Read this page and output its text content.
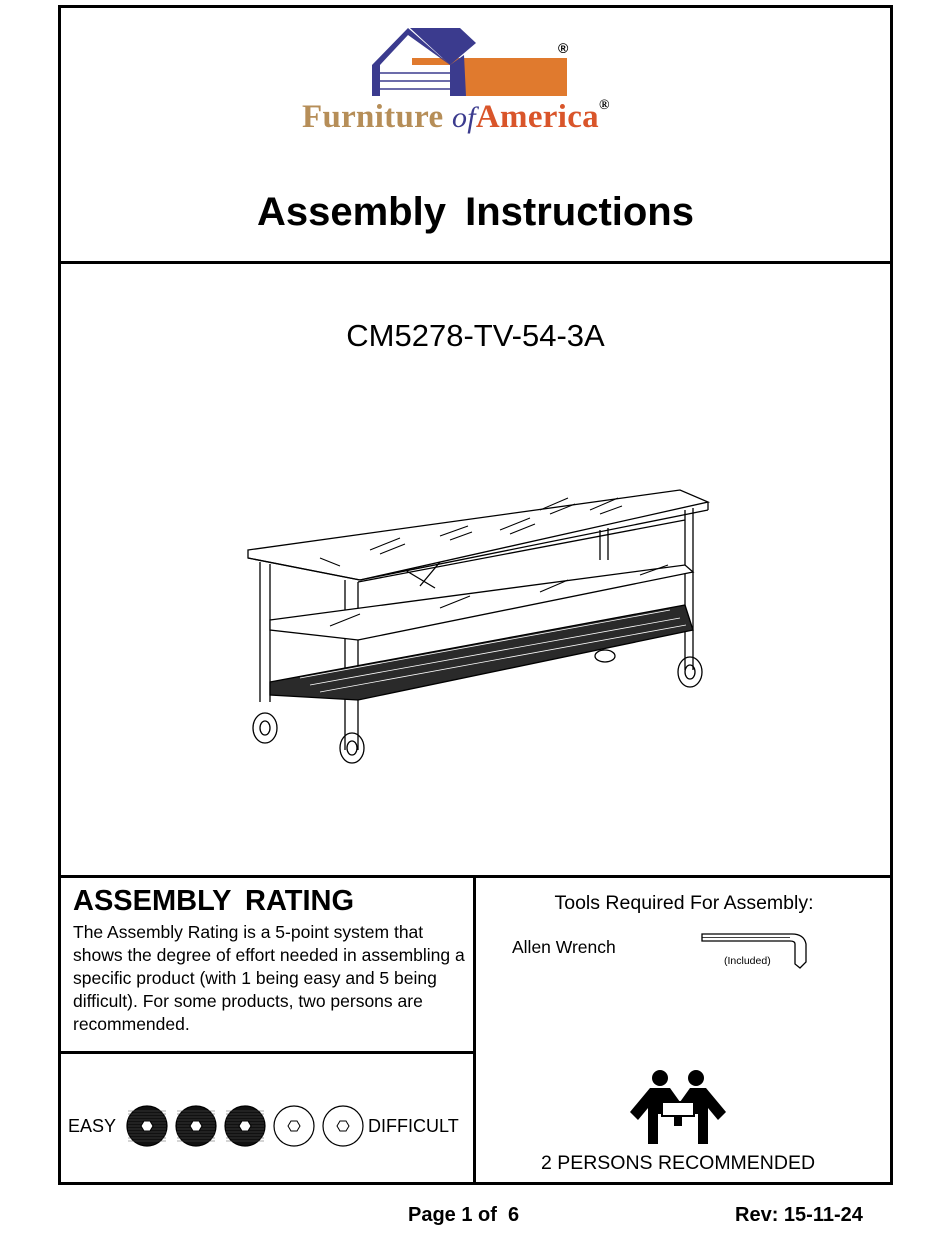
®
Furniture ofAmerica®
Assembly Instructions
CM5278-TV-54-3A
ASSEMBLY RATING
The Assembly Rating is a 5-point system that shows the degree of effort needed in assembling a specific product (with 1 being easy and 5 being difficult). For some products, two persons are recommended.
EASY	DIFFICULT
Tools Required For Assembly:
Allen Wrench
(Included)
2 PERSONS RECOMMENDED
Page 1 of  6	Rev: 15-11-24
